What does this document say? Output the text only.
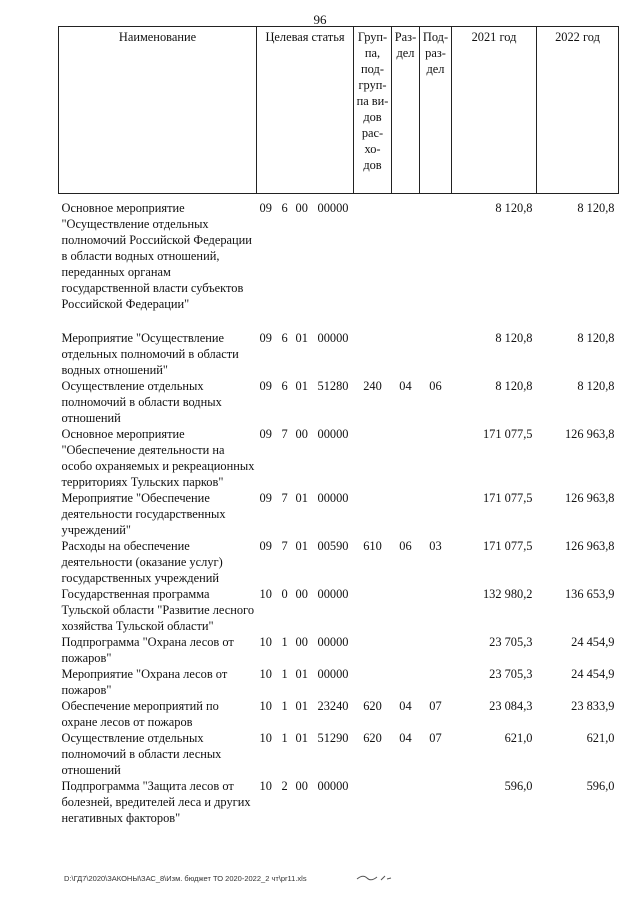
96
Наименование	Целевая статья	Груп-па, под-груп-па ви-дов рас-хо-дов	Раз-дел	Под-раз-дел	2021 год	2022 год
Основное мероприятие "Осуществление отдельных полномочий Российской Федерации в области водных отношений, переданных органам государственной власти субъектов Российской Федерации"	09 6 00 00000				8 120,8	8 120,8
Мероприятие "Осуществление отдельных полномочий в области водных отношений"	09 6 01 00000				8 120,8	8 120,8
Осуществление отдельных полномочий в области водных отношений	09 6 01 51280	240	04	06	8 120,8	8 120,8
Основное мероприятие "Обеспечение деятельности на особо охраняемых и рекреационных территориях Тульских парков"	09 7 00 00000				171 077,5	126 963,8
Мероприятие "Обеспечение деятельности государственных учреждений"	09 7 01 00000				171 077,5	126 963,8
Расходы на обеспечение деятельности (оказание услуг) государственных учреждений	09 7 01 00590	610	06	03	171 077,5	126 963,8
Государственная программа Тульской области "Развитие лесного хозяйства Тульской области"	10 0 00 00000				132 980,2	136 653,9
Подпрограмма "Охрана лесов от пожаров"	10 1 00 00000				23 705,3	24 454,9
Мероприятие "Охрана лесов от пожаров"	10 1 01 00000				23 705,3	24 454,9
Обеспечение мероприятий по охране лесов от пожаров	10 1 01 23240	620	04	07	23 084,3	23 833,9
Осуществление отдельных полномочий в области лесных отношений	10 1 01 51290	620	04	07	621,0	621,0
Подпрограмма "Защита лесов от болезней, вредителей леса и других негативных факторов"	10 2 00 00000				596,0	596,0
D:\ГД7\2020\ЗАКОНЫ\ЗАС_8\Изм. бюджет ТО 2020-2022_2 чт\pr11.xls
